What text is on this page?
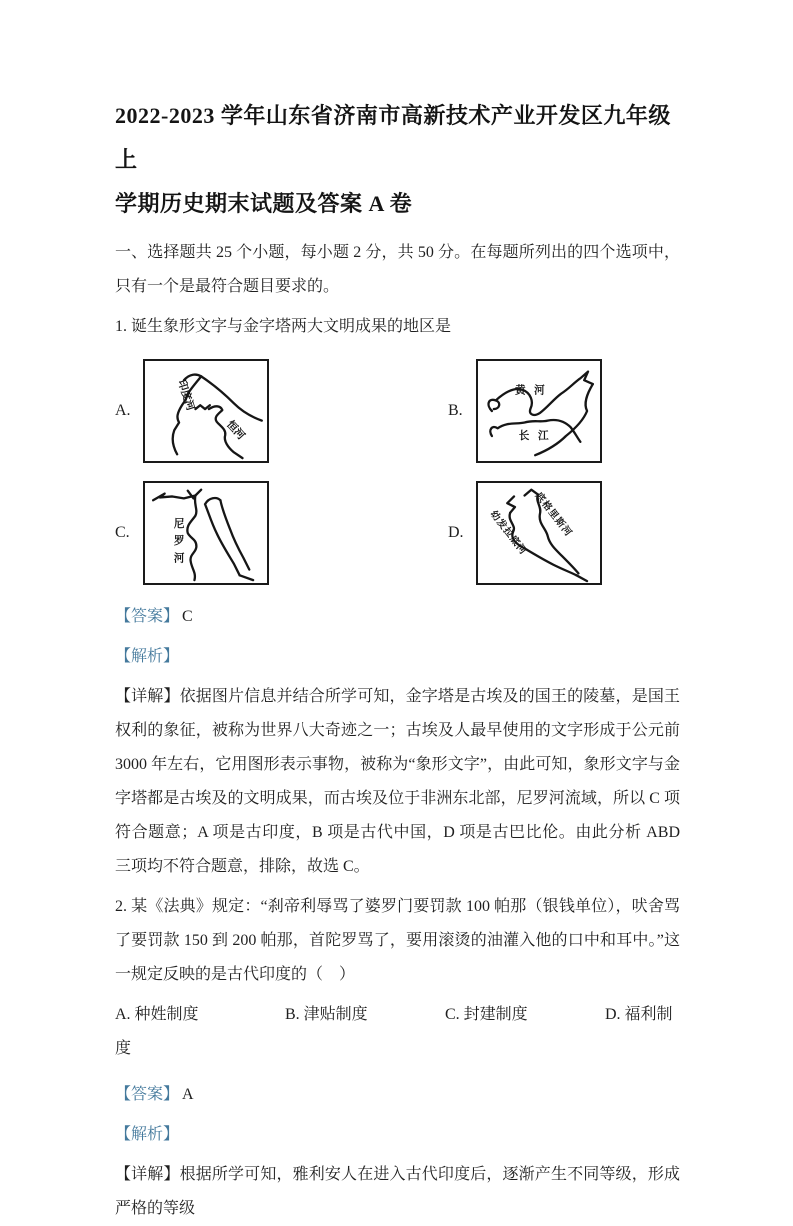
2022-2023 学年山东省济南市高新技术产业开发区九年级上
学期历史期末试题及答案 A 卷

一、选择题共 25 个小题，每小题 2 分，共 50 分。在每题所列出的四个选项中，只有一个是最符合题目要求的。

1. 诞生象形文字与金字塔两大文明成果的地区是

A.	印度河
恒河
B.
黄河
长江
C.	尼罗河	D.	幼发拉底河 底格里斯河

【答案】 C

【解析】

【详解】依据图片信息并结合所学可知，金字塔是古埃及的国王的陵墓，是国王权利的象征，被称为世界八大奇迹之一；古埃及人最早使用的文字形成于公元前 3000 年左右，它用图形表示事物，被称为“象形文字”，由此可知，象形文字与金字塔都是古埃及的文明成果，而古埃及位于非洲东北部，尼罗河流域，所以 C 项符合题意；A 项是古印度，B 项是古代中国，D 项是古巴比伦。由此分析 ABD 三项均不符合题意，排除，故选 C。

2. 某《法典》规定：“刹帝利辱骂了婆罗门要罚款 100 帕那（银钱单位），吠舍骂了要罚款 150 到 200 帕那，首陀罗骂了，要用滚烫的油灌入他的口中和耳中。”这一规定反映的是古代印度的（　）

A. 种姓制度	B. 津贴制度	C. 封建制度	D. 福利制度

【答案】 A

【解析】

【详解】根据所学可知，雅利安人在进入古代印度后，逐渐产生不同等级，形成严格的等级
